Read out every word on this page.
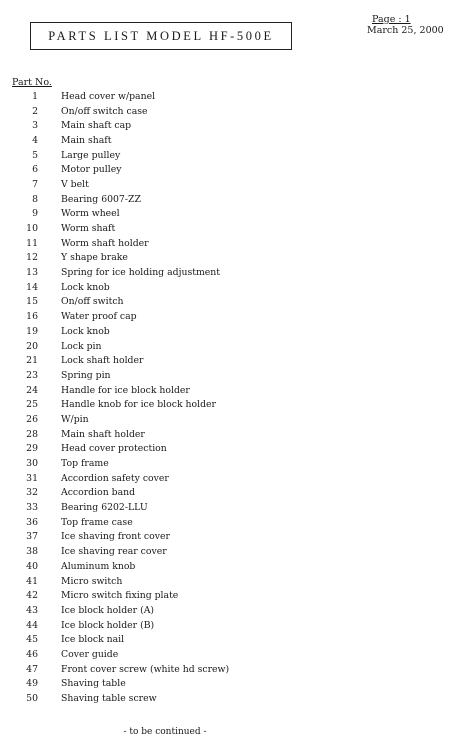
PARTS LIST MODEL HF-500E
Page : 1
March 25, 2000
Part No.
1 Head cover w/panel
2 On/off switch case
3 Main shaft cap
4 Main shaft
5 Large pulley
6 Motor pulley
7 V belt
8 Bearing 6007-ZZ
9 Worm wheel
10 Worm shaft
11 Worm shaft holder
12 Y shape brake
13 Spring for ice holding adjustment
14 Lock knob
15 On/off switch
16 Water proof cap
19 Lock knob
20 Lock pin
21 Lock shaft holder
23 Spring pin
24 Handle for ice block holder
25 Handle knob for ice block holder
26 W/pin
28 Main shaft holder
29 Head cover protection
30 Top frame
31 Accordion safety cover
32 Accordion band
33 Bearing 6202-LLU
36 Top frame case
37 Ice shaving front cover
38 Ice shaving rear cover
40 Aluminum knob
41 Micro switch
42 Micro switch fixing plate
43 Ice block holder (A)
44 Ice block holder (B)
45 Ice block nail
46 Cover guide
47 Front cover screw (white hd screw)
49 Shaving table
50 Shaving table screw
- to be continued -
